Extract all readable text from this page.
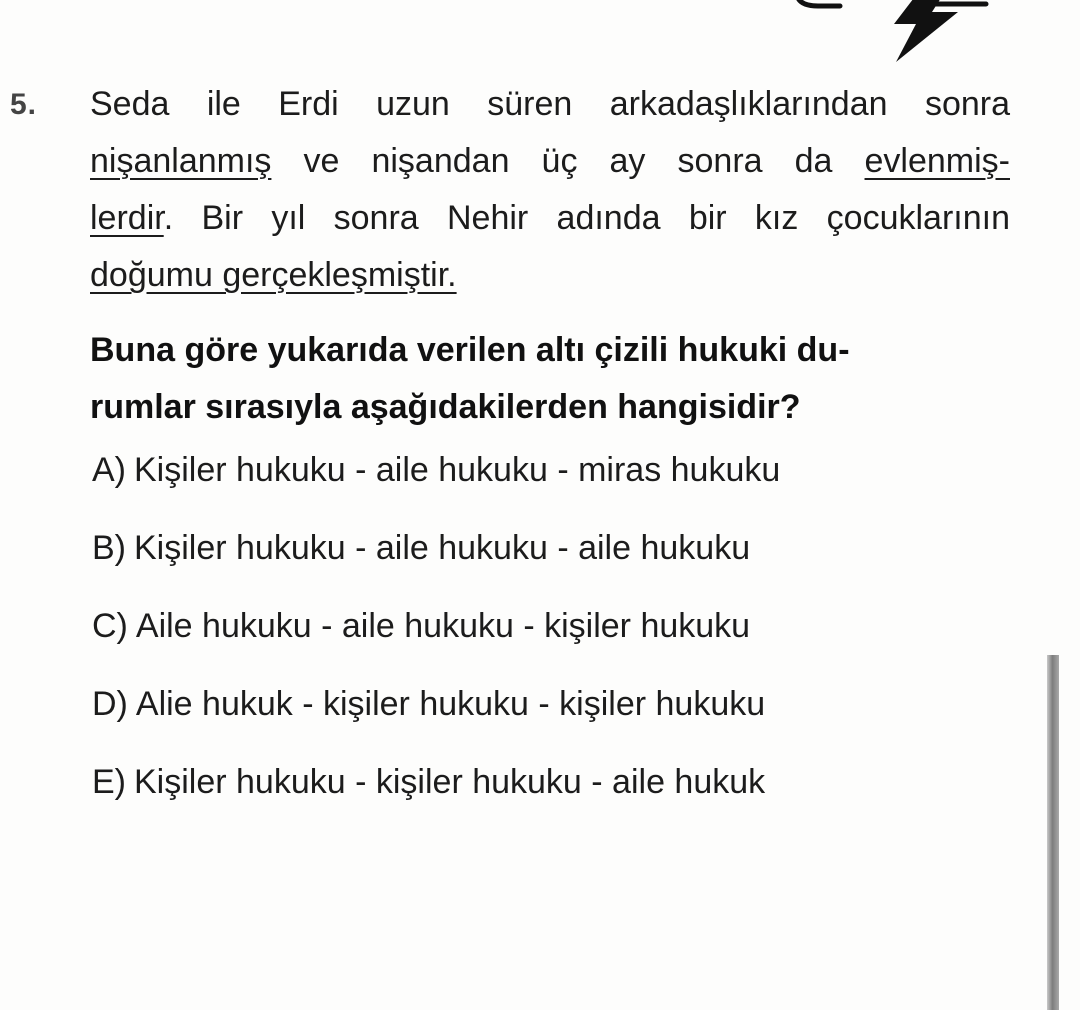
5. Seda ile Erdi uzun süren arkadaşlıklarından sonra
nişanlanmış ve nişandan üç ay sonra da evlenmiş-
lerdir. Bir yıl sonra Nehir adında bir kız çocuklarının
doğumu gerçekleşmiştir.
Buna göre yukarıda verilen altı çizili hukuki du-
rumlar sırasıyla aşağıdakilerden hangisidir?
A) Kişiler hukuku - aile hukuku - miras hukuku
B) Kişiler hukuku - aile hukuku - aile hukuku
C) Aile hukuku - aile hukuku - kişiler hukuku
D) Alie hukuk - kişiler hukuku - kişiler hukuku
E) Kişiler hukuku - kişiler hukuku - aile hukuk
